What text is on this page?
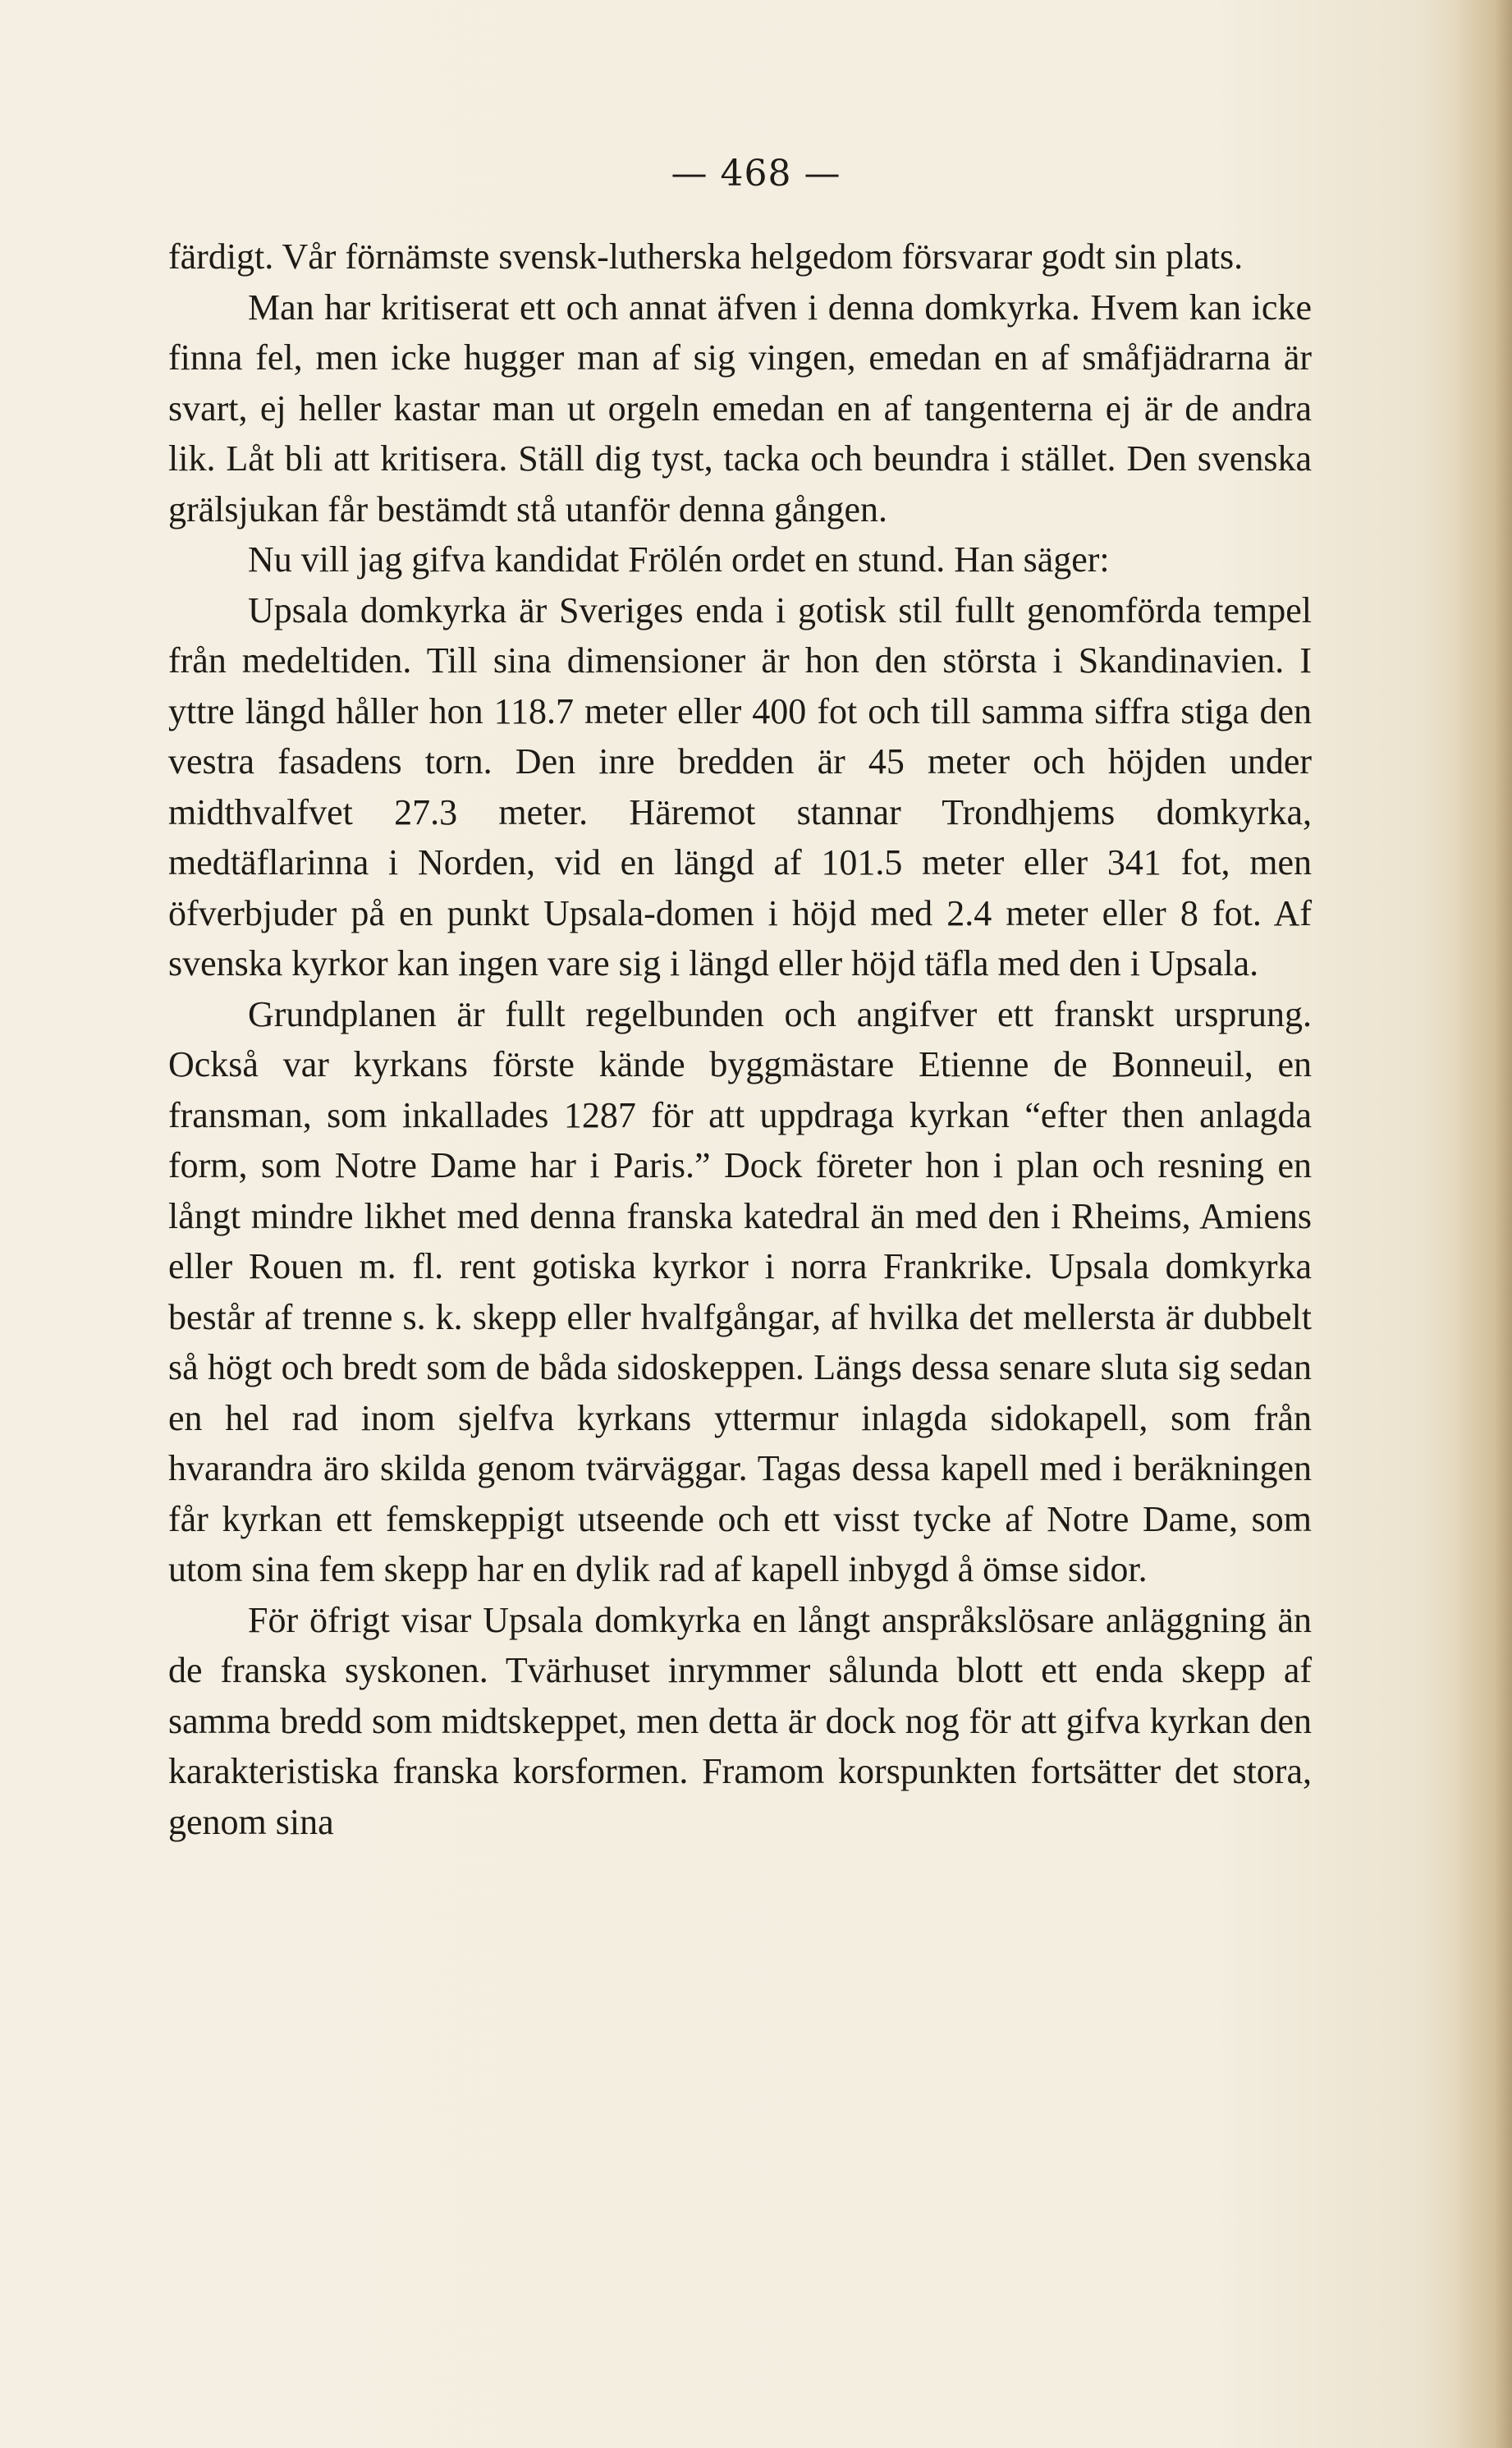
— 468 —

färdigt. Vår förnämste svensk-lutherska helgedom försvarar godt sin plats.

Man har kritiserat ett och annat äfven i denna domkyrka. Hvem kan icke finna fel, men icke hugger man af sig vingen, emedan en af småfjädrarna är svart, ej heller kastar man ut orgeln emedan en af tangenterna ej är de andra lik. Låt bli att kritisera. Ställ dig tyst, tacka och beundra i stället. Den svenska grälsjukan får bestämdt stå utanför denna gången.

Nu vill jag gifva kandidat Frölén ordet en stund. Han säger:

Upsala domkyrka är Sveriges enda i gotisk stil fullt genomförda tempel från medeltiden. Till sina dimensioner är hon den största i Skandinavien. I yttre längd håller hon 118.7 meter eller 400 fot och till samma siffra stiga den vestra fasadens torn. Den inre bredden är 45 meter och höjden under midthvalfvet 27.3 meter. Häremot stannar Trondhjems domkyrka, medtäflarinna i Norden, vid en längd af 101.5 meter eller 341 fot, men öfverbjuder på en punkt Upsala-domen i höjd med 2.4 meter eller 8 fot. Af svenska kyrkor kan ingen vare sig i längd eller höjd täfla med den i Upsala.

Grundplanen är fullt regelbunden och angifver ett franskt ursprung. Också var kyrkans förste kände byggmästare Etienne de Bonneuil, en fransman, som inkallades 1287 för att uppdraga kyrkan “efter then anlagda form, som Notre Dame har i Paris.” Dock företer hon i plan och resning en långt mindre likhet med denna franska katedral än med den i Rheims, Amiens eller Rouen m. fl. rent gotiska kyrkor i norra Frankrike. Upsala domkyrka består af trenne s. k. skepp eller hvalfgångar, af hvilka det mellersta är dubbelt så högt och bredt som de båda sidoskeppen. Längs dessa senare sluta sig sedan en hel rad inom sjelfva kyrkans yttermur inlagda sidokapell, som från hvarandra äro skilda genom tvärväggar. Tagas dessa kapell med i beräkningen får kyrkan ett femskeppigt utseende och ett visst tycke af Notre Dame, som utom sina fem skepp har en dylik rad af kapell inbygd å ömse sidor.

För öfrigt visar Upsala domkyrka en långt anspråkslösare anläggning än de franska syskonen. Tvärhuset inrymmer sålunda blott ett enda skepp af samma bredd som midtskeppet, men detta är dock nog för att gifva kyrkan den karakteristiska franska korsformen. Framom korspunkten fortsätter det stora, genom sina
